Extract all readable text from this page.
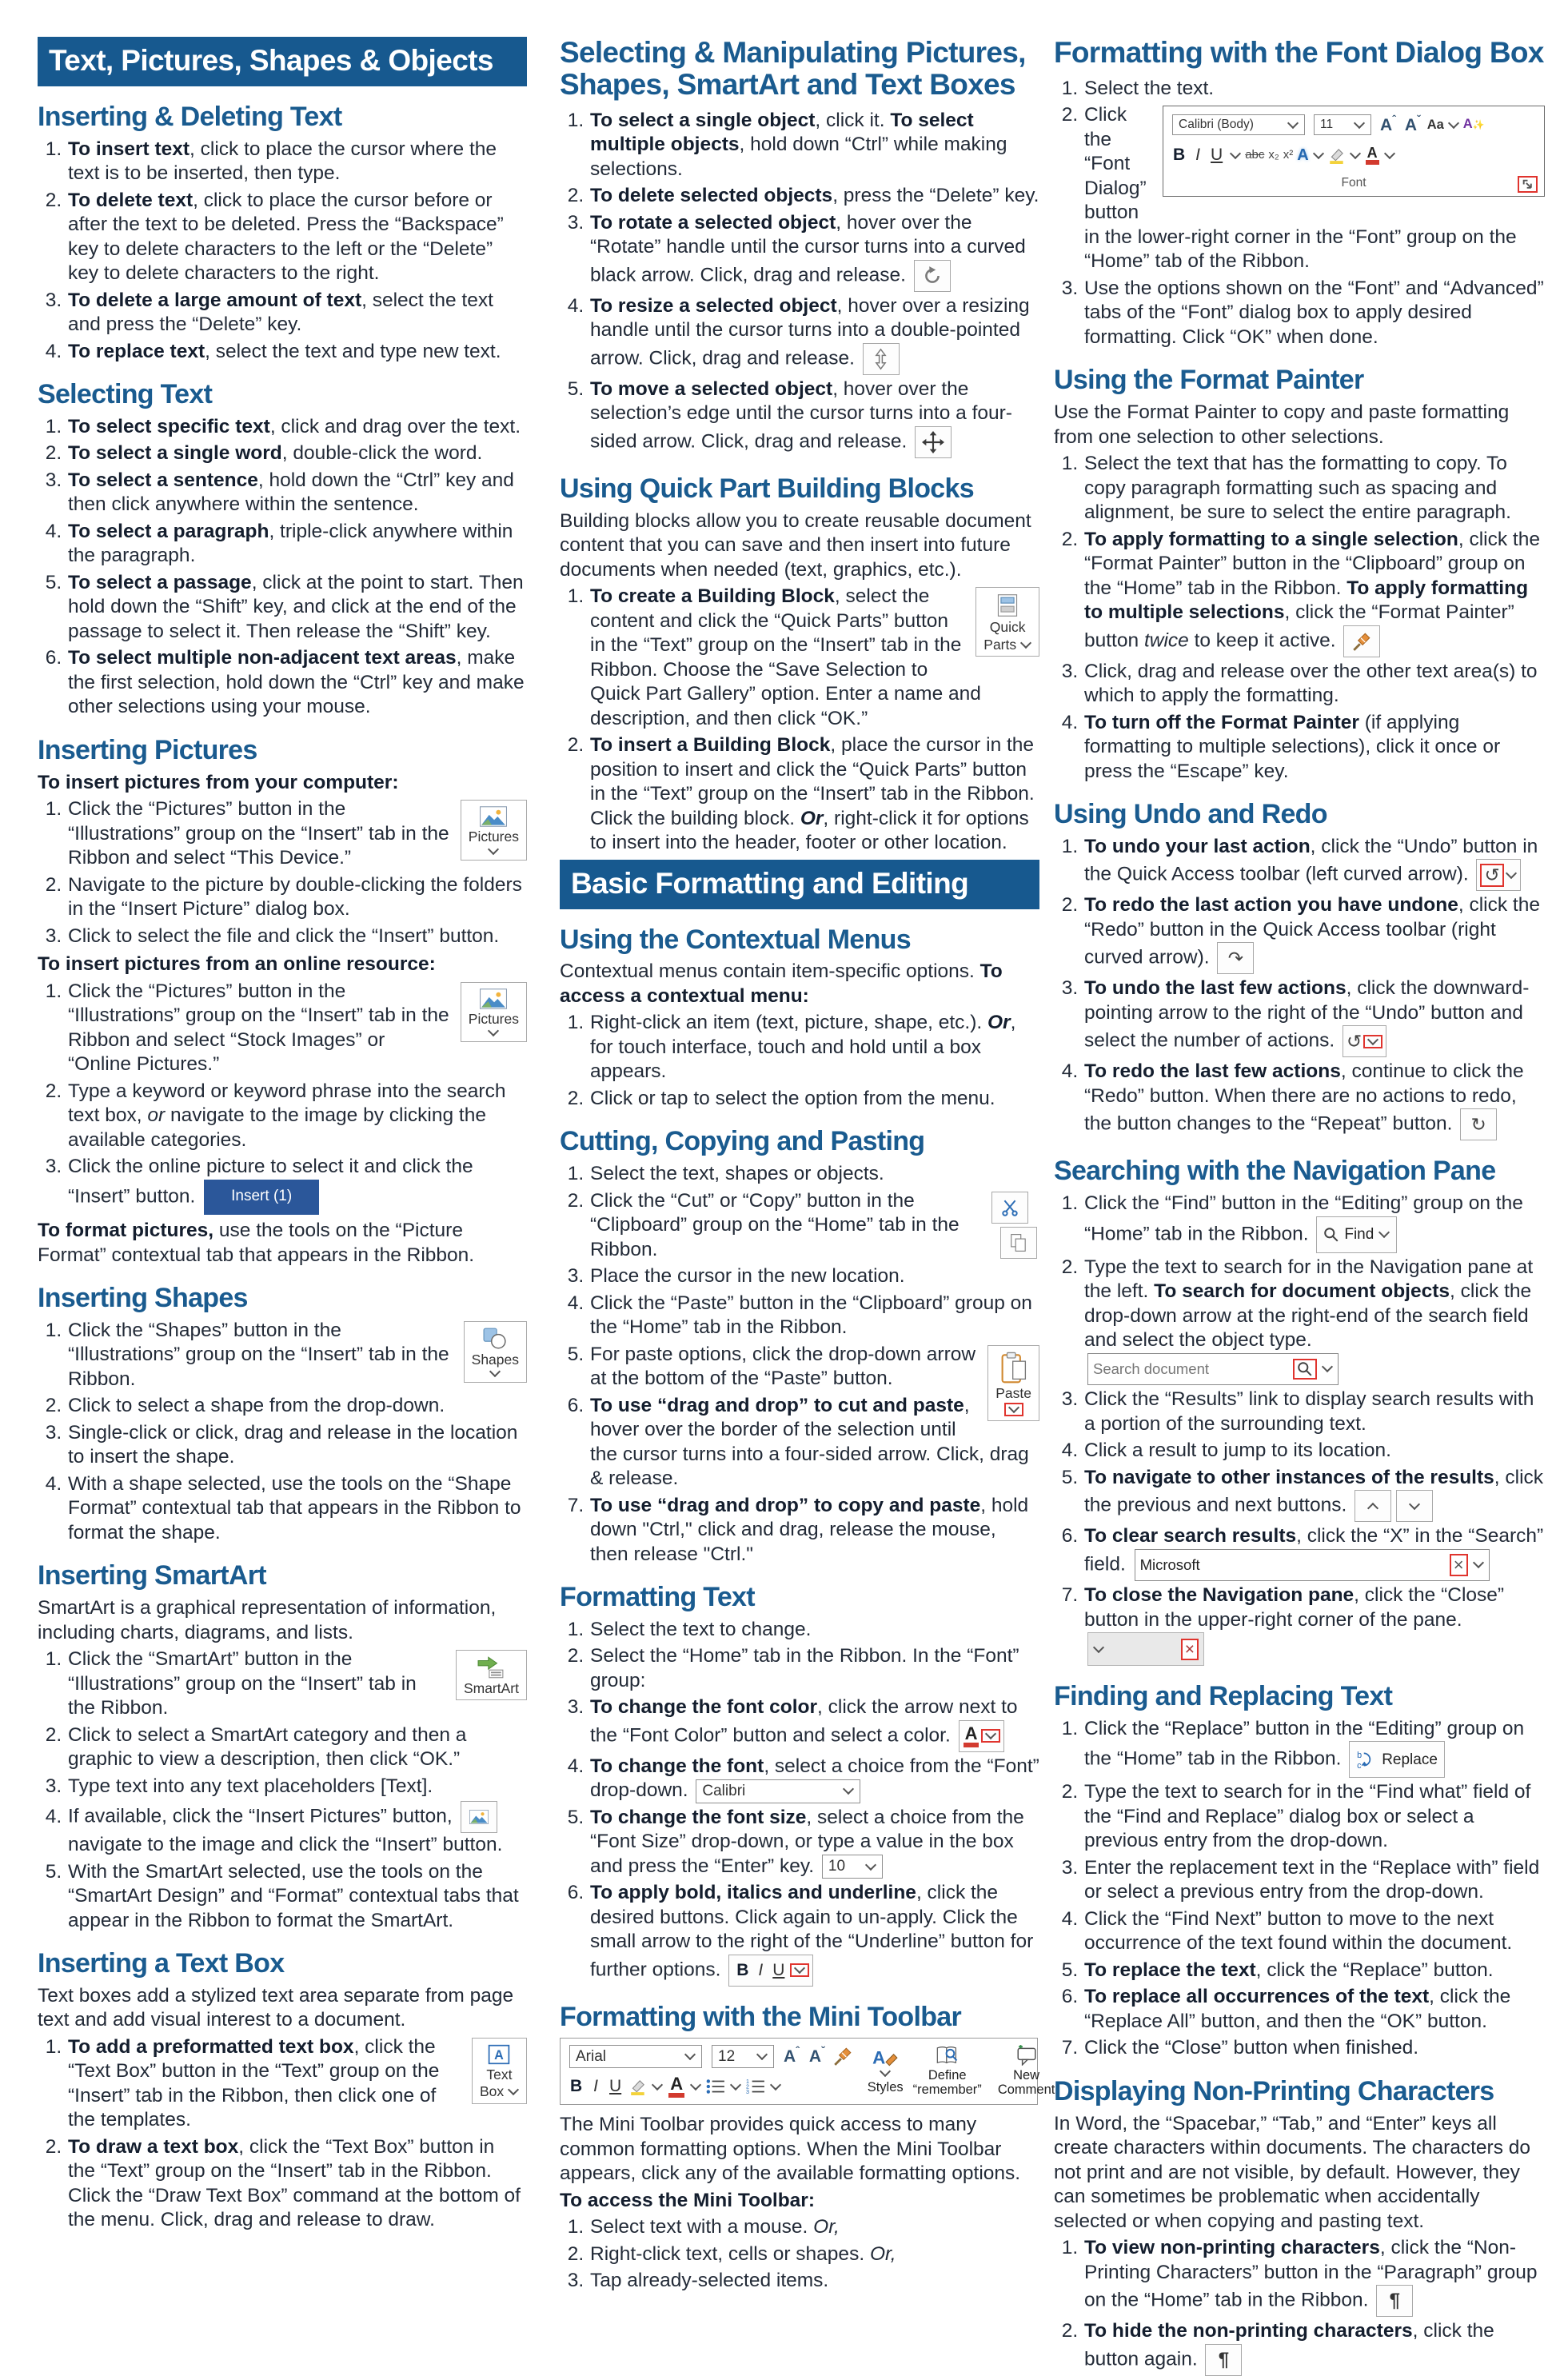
Text, Pictures, Shapes & Objects
Inserting & Deleting Text
1. To insert text, click to place the cursor where the text is to be inserted, then type.
2. To delete text, click to place the cursor before or after the text to be deleted. Press the “Backspace” key to delete characters to the left or the “Delete” key to delete characters to the right.
3. To delete a large amount of text, select the text and press the “Delete” key.
4. To replace text, select the text and type new text.
Selecting Text
1. To select specific text, click and drag over the text.
2. To select a single word, double-click the word.
3. To select a sentence, hold down the “Ctrl” key and then click anywhere within the sentence.
4. To select a paragraph, triple-click anywhere within the paragraph.
5. To select a passage, click at the point to start. Then hold down the “Shift” key, and click at the end of the passage to select it. Then release the “Shift” key.
6. To select multiple non-adjacent text areas, make the first selection, hold down the “Ctrl” key and make other selections using your mouse.
Inserting Pictures
To insert pictures from your computer:
1. Pictures
Click the “Pictures” button in the “Illustrations” group on the “Insert” tab in the Ribbon and select “This Device.”
2. Navigate to the picture by double-clicking the folders in the “Insert Picture” dialog box.
3. Click to select the file and click the “Insert” button.
To insert pictures from an online resource:
1. Pictures
Click the “Pictures” button in the “Illustrations” group on the “Insert” tab in the Ribbon and select “Stock Images” or “Online Pictures.”
2. Type a keyword or keyword phrase into the search text box, or navigate to the image by clicking the available categories.
3. Click the online picture to select it and click the “Insert” button. Insert (1)
To format pictures, use the tools on the “Picture Format” contextual tab that appears in the Ribbon.
Inserting Shapes
1. Shapes
Click the “Shapes” button in the “Illustrations” group on the “Insert” tab in the Ribbon.
2. Click to select a shape from the drop-down.
3. Single-click or click, drag and release in the location to insert the shape.
4. With a shape selected, use the tools on the “Shape Format” contextual tab that appears in the Ribbon to format the shape.
Inserting SmartArt
SmartArt is a graphical representation of information, including charts, diagrams, and lists.
1. SmartArt
Click the “SmartArt” button in the “Illustrations” group on the “Insert” tab in the Ribbon.
2. Click to select a SmartArt category and then a graphic to view a description, then click “OK.”
3. Type text into any text placeholders [Text].
4. If available, click the “Insert Pictures” button,
navigate to the image and click the “Insert” button.
5. With the SmartArt selected, use the tools on the “SmartArt Design” and “Format” contextual tabs that appear in the Ribbon to format the SmartArt.
Inserting a Text Box
Text boxes add a stylized text area separate from page text and add visual interest to a document.
1. A
Text
Box
To add a preformatted text box, click the “Text Box” button in the “Text” group on the “Insert” tab in the Ribbon, then click one of the templates.
2. To draw a text box, click the “Text Box” button in the “Text” group on the “Insert” tab in the Ribbon. Click the “Draw Text Box” command at the bottom of the menu. Click, drag and release to draw.
Selecting & Manipulating Pictures, Shapes, SmartArt and Text Boxes
1. To select a single object, click it. To select multiple objects, hold down “Ctrl” while making selections.
2. To delete selected objects, press the “Delete” key.
3. To rotate a selected object, hover over the “Rotate” handle until the cursor turns into a curved black arrow. Click, drag and release.
4. To resize a selected object, hover over a resizing handle until the cursor turns into a double-pointed arrow. Click, drag and release.
5. To move a selected object, hover over the selection’s edge until the cursor turns into a four-sided arrow. Click, drag and release.
Using Quick Part Building Blocks
Building blocks allow you to create reusable document content that you can save and then insert into future documents when needed (text, graphics, etc.).
1. Quick
Parts
To create a Building Block, select the content and click the “Quick Parts” button in the “Text” group on the “Insert” tab in the Ribbon. Choose the “Save Selection to Quick Part Gallery” option. Enter a name and description, and then click “OK.”
2. To insert a Building Block, place the cursor in the position to insert and click the “Quick Parts” button in the “Text” group on the “Insert” tab in the Ribbon. Click the building block. Or, right-click it for options to insert into the header, footer or other location.
Basic Formatting and Editing
Using the Contextual Menus
Contextual menus contain item-specific options. To access a contextual menu:
1. Right-click an item (text, picture, shape, etc.). Or, for touch interface, touch and hold until a box appears.
2. Click or tap to select the option from the menu.
Cutting, Copying and Pasting
1. Select the text, shapes or objects.
2. Click the “Cut” or “Copy” button in the “Clipboard” group on the “Home” tab in the Ribbon.
3. Place the cursor in the new location.
4. Click the “Paste” button in the “Clipboard” group on the “Home” tab in the Ribbon.
5. Paste
For paste options, click the drop-down arrow at the bottom of the “Paste” button.
6. To use “drag and drop” to cut and paste, hover over the border of the selection until the cursor turns into a four-sided arrow. Click, drag & release.
7. To use “drag and drop” to copy and paste, hold down "Ctrl," click and drag, release the mouse, then release "Ctrl."
Formatting Text
1. Select the text to change.
2. Select the “Home” tab in the Ribbon. In the “Font” group:
3. To change the font color, click the arrow next to the “Font Color” button and select a color. A
4. To change the font, select a choice from the “Font” drop-down. Calibri
5. To change the font size, select a choice from the “Font Size” drop-down, or type a value in the box and press the “Enter” key. 10
6. To apply bold, italics and underline, click the desired buttons. Click again to un-apply. Click the small arrow to the right of the “Underline” button for further options. B I U
Formatting with the Mini Toolbar
Arial	12	A ˆ A ˇ
B I U	A	1
2
3
A
Styles
Define
“remember”
New
Comment
The Mini Toolbar provides quick access to many common formatting options. When the Mini Toolbar appears, click any of the available formatting options.
To access the Mini Toolbar:
1. Select text with a mouse. Or,
2. Right-click text, cells or shapes. Or,
3. Tap already-selected items.
Formatting with the Font Dialog Box
1. Select the text.
2. Calibri (Body)	11	A ˆ A ˇ Aa A✨
B I U abc x₂ x² A	A
Font
Click the “Font Dialog” button in the lower-right corner in the “Font” group on the “Home” tab of the Ribbon.
3. Use the options shown on the “Font” and “Advanced” tabs of the “Font” dialog box to apply desired formatting. Click “OK” when done.
Using the Format Painter
Use the Format Painter to copy and paste formatting from one selection to other selections.
1. Select the text that has the formatting to copy. To copy paragraph formatting such as spacing and alignment, be sure to select the entire paragraph.
2. To apply formatting to a single selection, click the “Format Painter” button in the “Clipboard” group on the “Home” tab in the Ribbon. To apply formatting to multiple selections, click the “Format Painter” button twice to keep it active.
3. Click, drag and release over the other text area(s) to which to apply the formatting.
4. To turn off the Format Painter (if applying formatting to multiple selections), click it once or press the “Escape” key.
Using Undo and Redo
1. To undo your last action, click the “Undo” button in the Quick Access toolbar (left curved arrow). ↺
2. To redo the last action you have undone, click the “Redo” button in the Quick Access toolbar (right curved arrow). ↷
3. To undo the last few actions, click the downward-pointing arrow to the right of the “Undo” button and select the number of actions. ↺
4. To redo the last few actions, continue to click the “Redo” button. When there are no actions to redo, the button changes to the “Repeat” button. ↻
Searching with the Navigation Pane
1. Click the “Find” button in the “Editing” group on the “Home” tab in the Ribbon. Find
2. Type the text to search for in the Navigation pane at the left. To search for document objects, click the drop-down arrow at the right-end of the search field and select the object type.
Search document
3. Click the “Results” link to display search results with a portion of the surrounding text.
4. Click a result to jump to its location.
5. To navigate to other instances of the results, click the previous and next buttons.
6. To clear search results, click the “X” in the “Search” field. Microsoft	×
7. To close the Navigation pane, click the “Close” button in the upper-right corner of the pane.
×
Finding and Replacing Text
1. Click the “Replace” button in the “Editing” group on the “Home” tab in the Ribbon. b
c Replace
2. Type the text to search for in the “Find what” field of the “Find and Replace” dialog box or select a previous entry from the drop-down.
3. Enter the replacement text in the “Replace with” field or select a previous entry from the drop-down.
4. Click the “Find Next” button to move to the next occurrence of the text found within the document.
5. To replace the text, click the “Replace” button.
6. To replace all occurrences of the text, click the “Replace All” button, and then the “OK” button.
7. Click the “Close” button when finished.
Displaying Non-Printing Characters
In Word, the “Spacebar,” “Tab,” and “Enter” keys all create characters within documents. The characters do not print and are not visible, by default. However, they can sometimes be problematic when accidentally selected or when copying and pasting text.
1. To view non-printing characters, click the “Non-Printing Characters” button in the “Paragraph” group on the “Home” tab in the Ribbon. ¶
2. To hide the non-printing characters, click the button again. ¶
